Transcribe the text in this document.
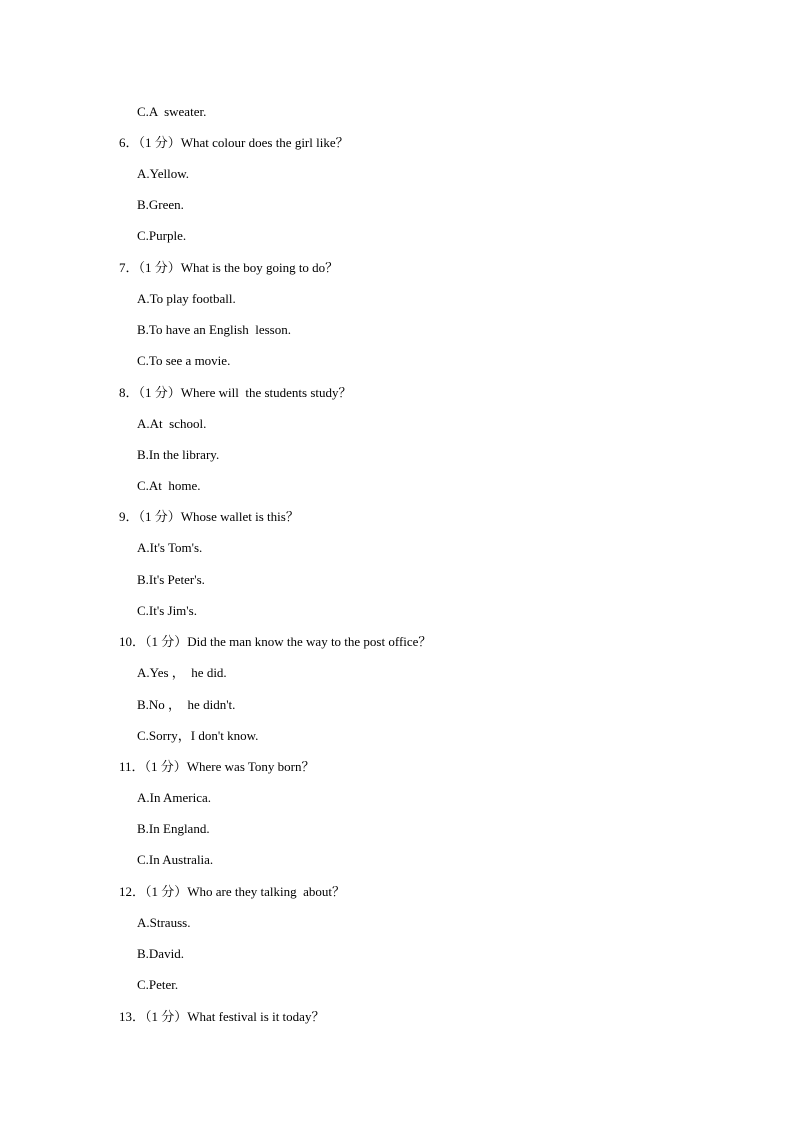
C.A  sweater.
6．（1 分）What colour does the girl like？
A.Yellow.
B.Green.
C.Purple.
7．（1 分）What is the boy going to do？
A.To play football.
B.To have an English  lesson.
C.To see a movie.
8．（1 分）Where will  the students study？
A.At  school.
B.In the library.
C.At  home.
9．（1 分）Whose wallet is this？
A.It's Tom's.
B.It's Peter's.
C.It's Jim's.
10．（1 分）Did the man know the way to the post office？
A.Yes ，  he did.
B.No ，  he didn't.
C.Sorry，I don't know.
11．（1 分）Where was Tony born？
A.In America.
B.In England.
C.In Australia.
12．（1 分）Who are they talking  about？
A.Strauss.
B.David.
C.Peter.
13．（1 分）What festival is it today？
